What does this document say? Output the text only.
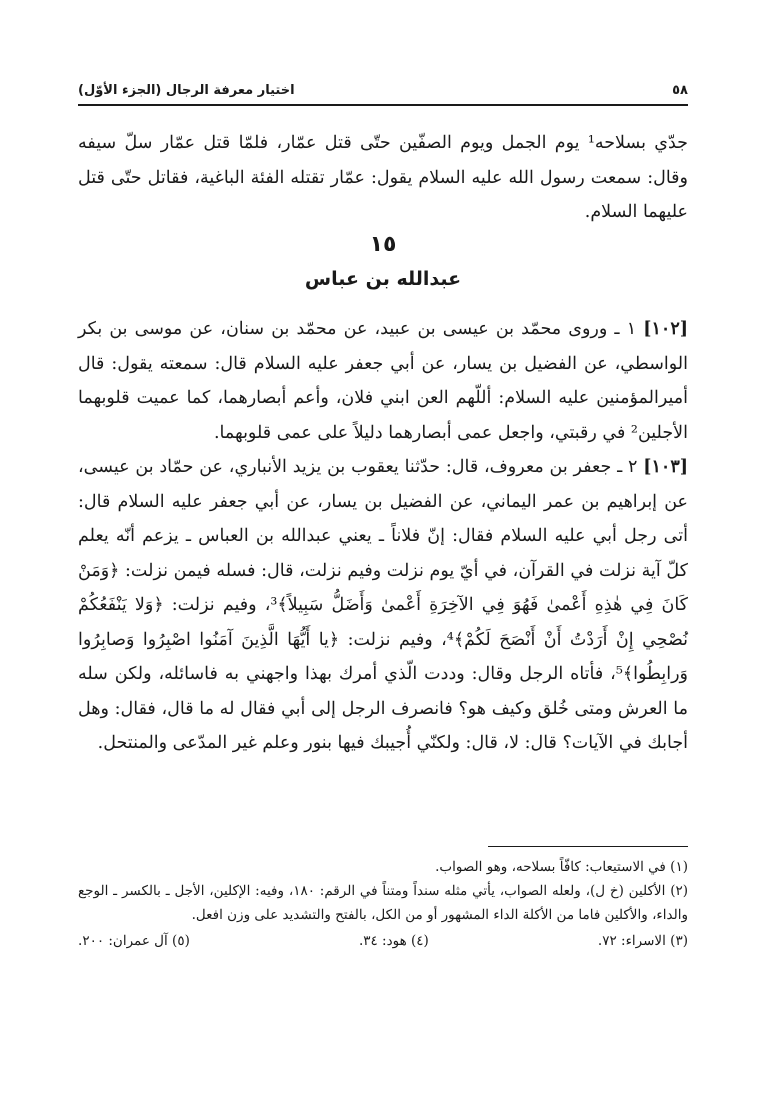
٥٨
اختيار معرفة الرجال (الجزء الأوّل)
جدّي بسلاحه¹ يوم الجمل ويوم الصفّين حتّى قتل عمّار، فلمّا قتل عمّار سلّ سيفه وقال: سمعت رسول الله عليه السلام يقول: عمّار تقتله الفئة الباغية، فقاتل حتّى قتل عليهما السلام.
١٥
عبدالله بن عباس

[١٠٢] ١ ـ وروى محمّد بن عيسى بن عبيد، عن محمّد بن سنان، عن موسى بن بكر الواسطي، عن الفضيل بن يسار، عن أبي جعفر عليه السلام قال: سمعته يقول: قال أميرالمؤمنين عليه السلام: أللّهم العن ابني فلان، وأعم أبصارهما، كما عميت قلوبهما الأجلين² في رقبتي، واجعل عمى أبصارهما دليلاً على عمى قلوبهما.

[١٠٣] ٢ ـ جعفر بن معروف، قال: حدّثنا يعقوب بن يزيد الأنباري، عن حمّاد بن عيسى، عن إبراهيم بن عمر اليماني، عن الفضيل بن يسار، عن أبي جعفر عليه السلام قال: أتى رجل أبي عليه السلام فقال: إنّ فلاناً ـ يعني عبدالله بن العباس ـ يزعم أنّه يعلم كلّ آية نزلت في القرآن، في أيّ يوم نزلت وفيم نزلت، قال: فسله فيمن نزلت: ﴿وَمَنْ كَانَ فِي هٰذِهِ أَعْمىٰ فَهُوَ فِي الآخِرَةِ أَعْمىٰ وَأَضَلُّ سَبِيلاً﴾³، وفيم نزلت: ﴿وَلا يَنْفَعُكُمْ نُصْحِي إِنْ أَرَدْتُ أَنْ أَنْصَحَ لَكُمْ﴾⁴، وفيم نزلت: ﴿يا أَيُّهَا الَّذِينَ آمَنُوا اصْبِرُوا وَصابِرُوا وَرابِطُوا﴾⁵، فأتاه الرجل وقال: وددت الّذي أمرك بهذا واجهني به فاسائله، ولكن سله ما العرش ومتى خُلق وكيف هو؟ فانصرف الرجل إلى أبي فقال له ما قال، فقال: وهل أجابك في الآيات؟ قال: لا، قال: ولكنّي أُجيبك فيها بنور وعلم غير المدّعى والمنتحل.

(١) في الاستيعاب: كافّاً بسلاحه، وهو الصواب.

(٢) الأكلين (خ ل)، ولعله الصواب، يأتي مثله سنداً ومتناً في الرقم: ١٨٠، وفيه: الإكلين، الأجل ـ بالكسر ـ الوجع والداء، والأكلين فاما من الأكلة الداء المشهور أو من الكل، بالفتح والتشديد على وزن افعل.

(٣) الاسراء: ٧٢.
(٤) هود: ٣٤.
(٥) آل عمران: ٢٠٠.
